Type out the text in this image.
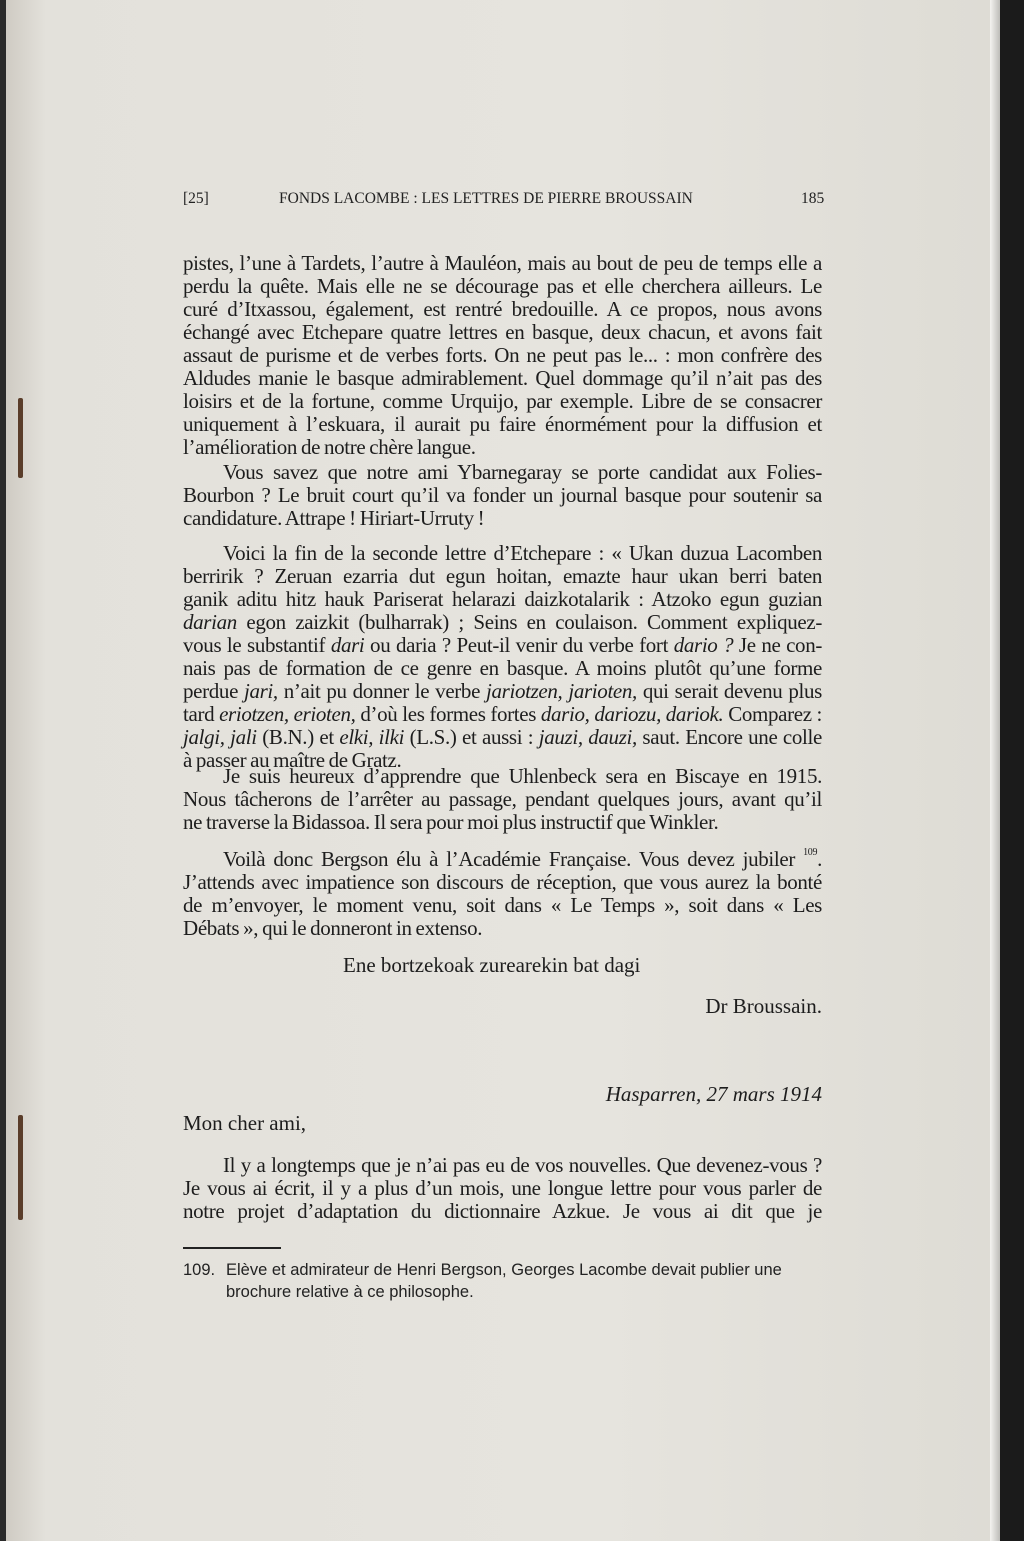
[25]	FONDS LACOMBE : LES LETTRES DE PIERRE BROUSSAIN	185
pistes, l’une à Tardets, l’autre à Mauléon, mais au bout de peu de temps elle a
perdu la quête. Mais elle ne se décourage pas et elle cherchera ailleurs. Le
curé d’Itxassou, également, est rentré bredouille. A ce propos, nous avons
échangé avec Etchepare quatre lettres en basque, deux chacun, et avons fait
assaut de purisme et de verbes forts. On ne peut pas le... : mon confrère des
Aldudes manie le basque admirablement. Quel dommage qu’il n’ait pas des
loisirs et de la fortune, comme Urquijo, par exemple. Libre de se consacrer
uniquement à l’eskuara, il aurait pu faire énormément pour la diffusion et
l’amélioration de notre chère langue.
Vous savez que notre ami Ybarnegaray se porte candidat aux Folies-
Bourbon ? Le bruit court qu’il va fonder un journal basque pour soutenir sa
candidature. Attrape ! Hiriart-Urruty !
Voici la fin de la seconde lettre d’Etchepare : « Ukan duzua Lacomben
berririk ? Zeruan ezarria dut egun hoitan, emazte haur ukan berri baten
ganik aditu hitz hauk Pariserat helarazi daizkotalarik : Atzoko egun guzian
darian egon zaizkit (bulharrak) ; Seins en coulaison. Comment expliquez-
vous le substantif dari ou daria ? Peut-il venir du verbe fort dario ? Je ne con-
nais pas de formation de ce genre en basque. A moins plutôt qu’une forme
perdue jari, n’ait pu donner le verbe jariotzen, jarioten, qui serait devenu plus
tard eriotzen, erioten, d’où les formes fortes dario, dariozu, dariok. Comparez :
jalgi, jali (B.N.) et elki, ilki (L.S.) et aussi : jauzi, dauzi, saut. Encore une colle
à passer au maître de Gratz.
Je suis heureux d’apprendre que Uhlenbeck sera en Biscaye en 1915.
Nous tâcherons de l’arrêter au passage, pendant quelques jours, avant qu’il
ne traverse la Bidassoa. Il sera pour moi plus instructif que Winkler.
Voilà donc Bergson élu à l’Académie Française. Vous devez jubiler $^{109}$.
J’attends avec impatience son discours de réception, que vous aurez la bonté
de m’envoyer, le moment venu, soit dans « Le Temps », soit dans « Les
Débats », qui le donneront in extenso.
Ene bortzekoak zurearekin bat dagi
Dr Broussain.
Hasparren, 27 mars 1914
Mon cher ami,
Il y a longtemps que je n’ai pas eu de vos nouvelles. Que devenez-vous ?
Je vous ai écrit, il y a plus d’un mois, une longue lettre pour vous parler de
notre projet d’adaptation du dictionnaire Azkue. Je vous ai dit que je
109. Elève et admirateur de Henri Bergson, Georges Lacombe devait publier une
brochure relative à ce philosophe.
